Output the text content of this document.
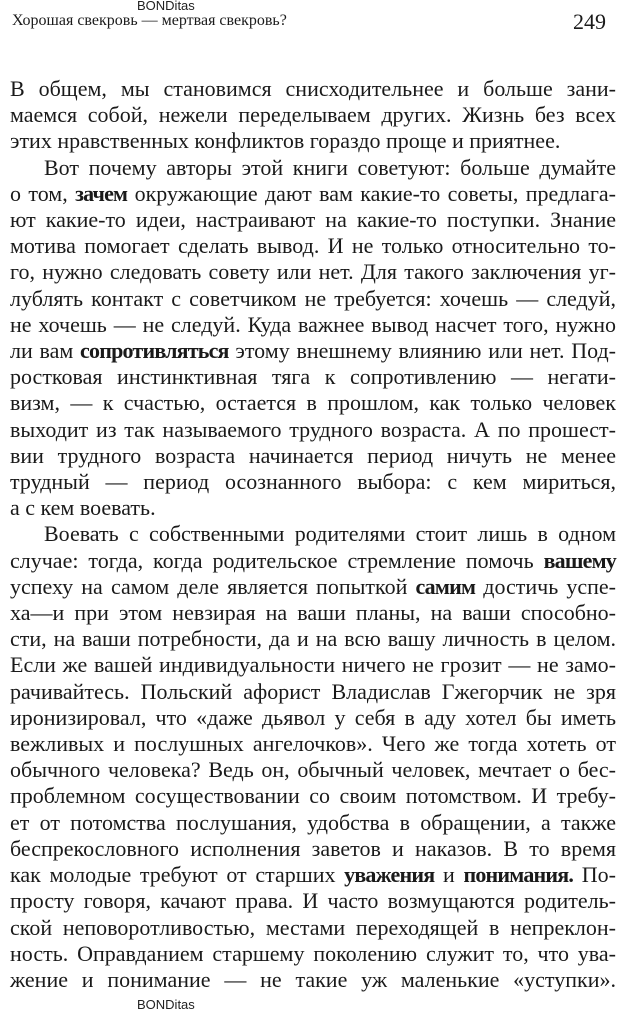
BONDitas
Хорошая свекровь — мертвая свекровь?	249
В общем, мы становимся снисходительнее и больше зани-
маемся собой, нежели переделываем других. Жизнь без всех
этих нравственных конфликтов гораздо проще и приятнее.
Вот почему авторы этой книги советуют: больше думайте
о том, зачем окружающие дают вам какие-то советы, предлага-
ют какие-то идеи, настраивают на какие-то поступки. Знание
мотива помогает сделать вывод. И не только относительно то-
го, нужно следовать совету или нет. Для такого заключения уг-
лублять контакт с советчиком не требуется: хочешь — следуй,
не хочешь — не следуй. Куда важнее вывод насчет того, нужно
ли вам сопротивляться этому внешнему влиянию или нет. Под-
ростковая инстинктивная тяга к сопротивлению — негати-
визм, — к счастью, остается в прошлом, как только человек
выходит из так называемого трудного возраста. А по прошест-
вии трудного возраста начинается период ничуть не менее
трудный — период осознанного выбора: с кем мириться,
а с кем воевать.
Воевать с собственными родителями стоит лишь в одном
случае: тогда, когда родительское стремление помочь вашему
успеху на самом деле является попыткой самим достичь успе-
ха—и при этом невзирая на ваши планы, на ваши способно-
сти, на ваши потребности, да и на всю вашу личность в целом.
Если же вашей индивидуальности ничего не грозит — не замо-
рачивайтесь. Польский афорист Владислав Гжегорчик не зря
иронизировал, что «даже дьявол у себя в аду хотел бы иметь
вежливых и послушных ангелочков». Чего же тогда хотеть от
обычного человека? Ведь он, обычный человек, мечтает о бес-
проблемном сосуществовании со своим потомством. И требу-
ет от потомства послушания, удобства в обращении, а также
беспрекословного исполнения заветов и наказов. В то время
как молодые требуют от старших уважения и понимания. По-
просту говоря, качают права. И часто возмущаются родитель-
ской неповоротливостью, местами переходящей в непреклон-
ность. Оправданием старшему поколению служит то, что ува-
жение и понимание — не такие уж маленькие «уступки».
BONDitas
